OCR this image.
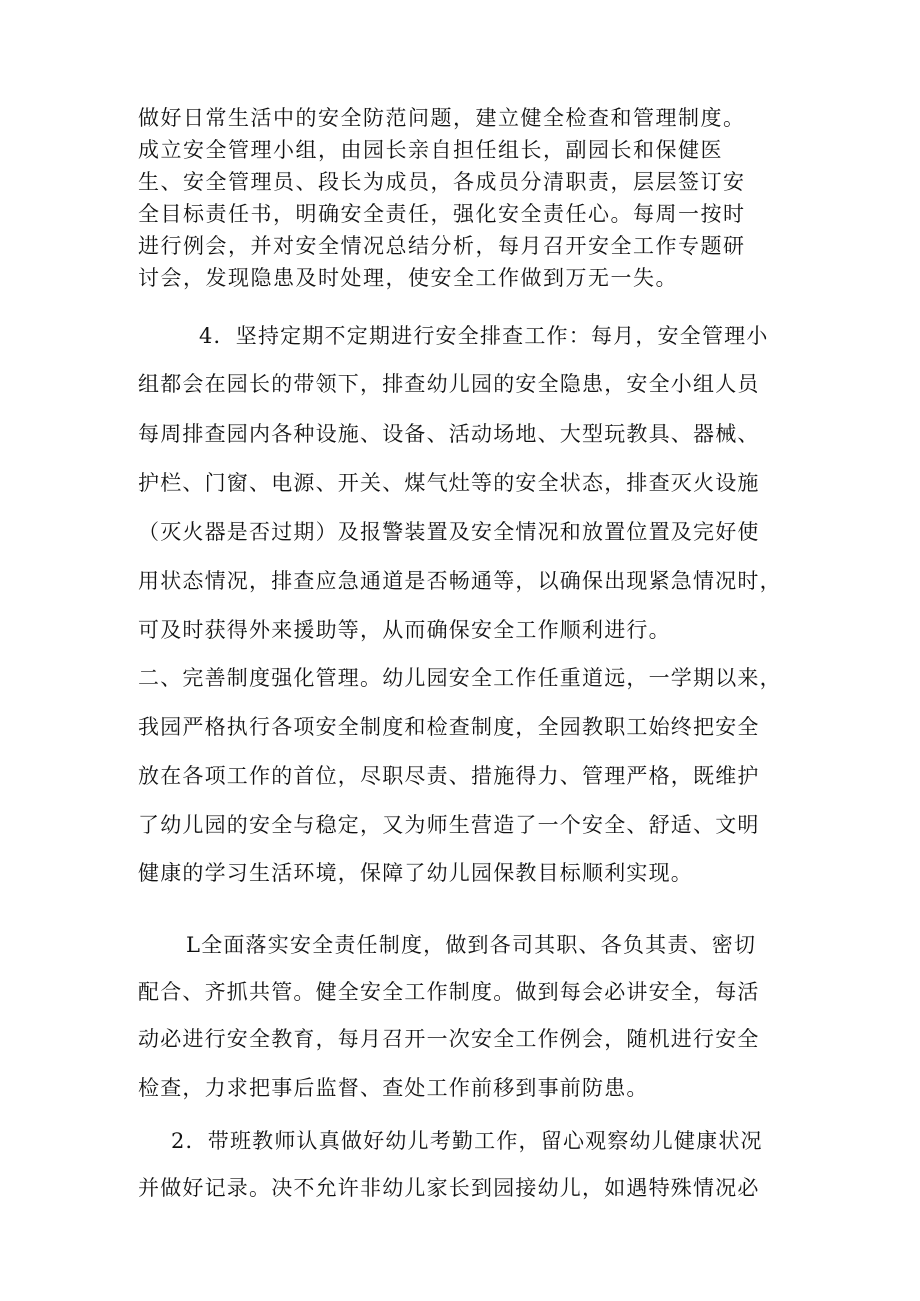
做好日常生活中的安全防范问题，建立健全检查和管理制度。
成立安全管理小组，由园长亲自担任组长，副园长和保健医
生、安全管理员、段长为成员，各成员分清职责，层层签订安
全目标责任书，明确安全责任，强化安全责任心。每周一按时
进行例会，并对安全情况总结分析，每月召开安全工作专题研
讨会，发现隐患及时处理，使安全工作做到万无一失。
4．坚持定期不定期进行安全排查工作：每月，安全管理小
组都会在园长的带领下，排查幼儿园的安全隐患，安全小组人员
每周排查园内各种设施、设备、活动场地、大型玩教具、器械、
护栏、门窗、电源、开关、煤气灶等的安全状态，排查灭火设施
（灭火器是否过期）及报警装置及安全情况和放置位置及完好使
用状态情况，排查应急通道是否畅通等，以确保出现紧急情况时，
可及时获得外来援助等，从而确保安全工作顺利进行。
二、完善制度强化管理。幼儿园安全工作任重道远，一学期以来，
我园严格执行各项安全制度和检查制度，全园教职工始终把安全
放在各项工作的首位，尽职尽责、措施得力、管理严格，既维护
了幼儿园的安全与稳定，又为师生营造了一个安全、舒适、文明
健康的学习生活环境，保障了幼儿园保教目标顺利实现。
L全面落实安全责任制度，做到各司其职、各负其责、密切
配合、齐抓共管。健全安全工作制度。做到每会必讲安全，每活
动必进行安全教育，每月召开一次安全工作例会，随机进行安全
检查，力求把事后监督、查处工作前移到事前防患。
2．带班教师认真做好幼儿考勤工作，留心观察幼儿健康状况
并做好记录。决不允许非幼儿家长到园接幼儿，如遇特殊情况必
